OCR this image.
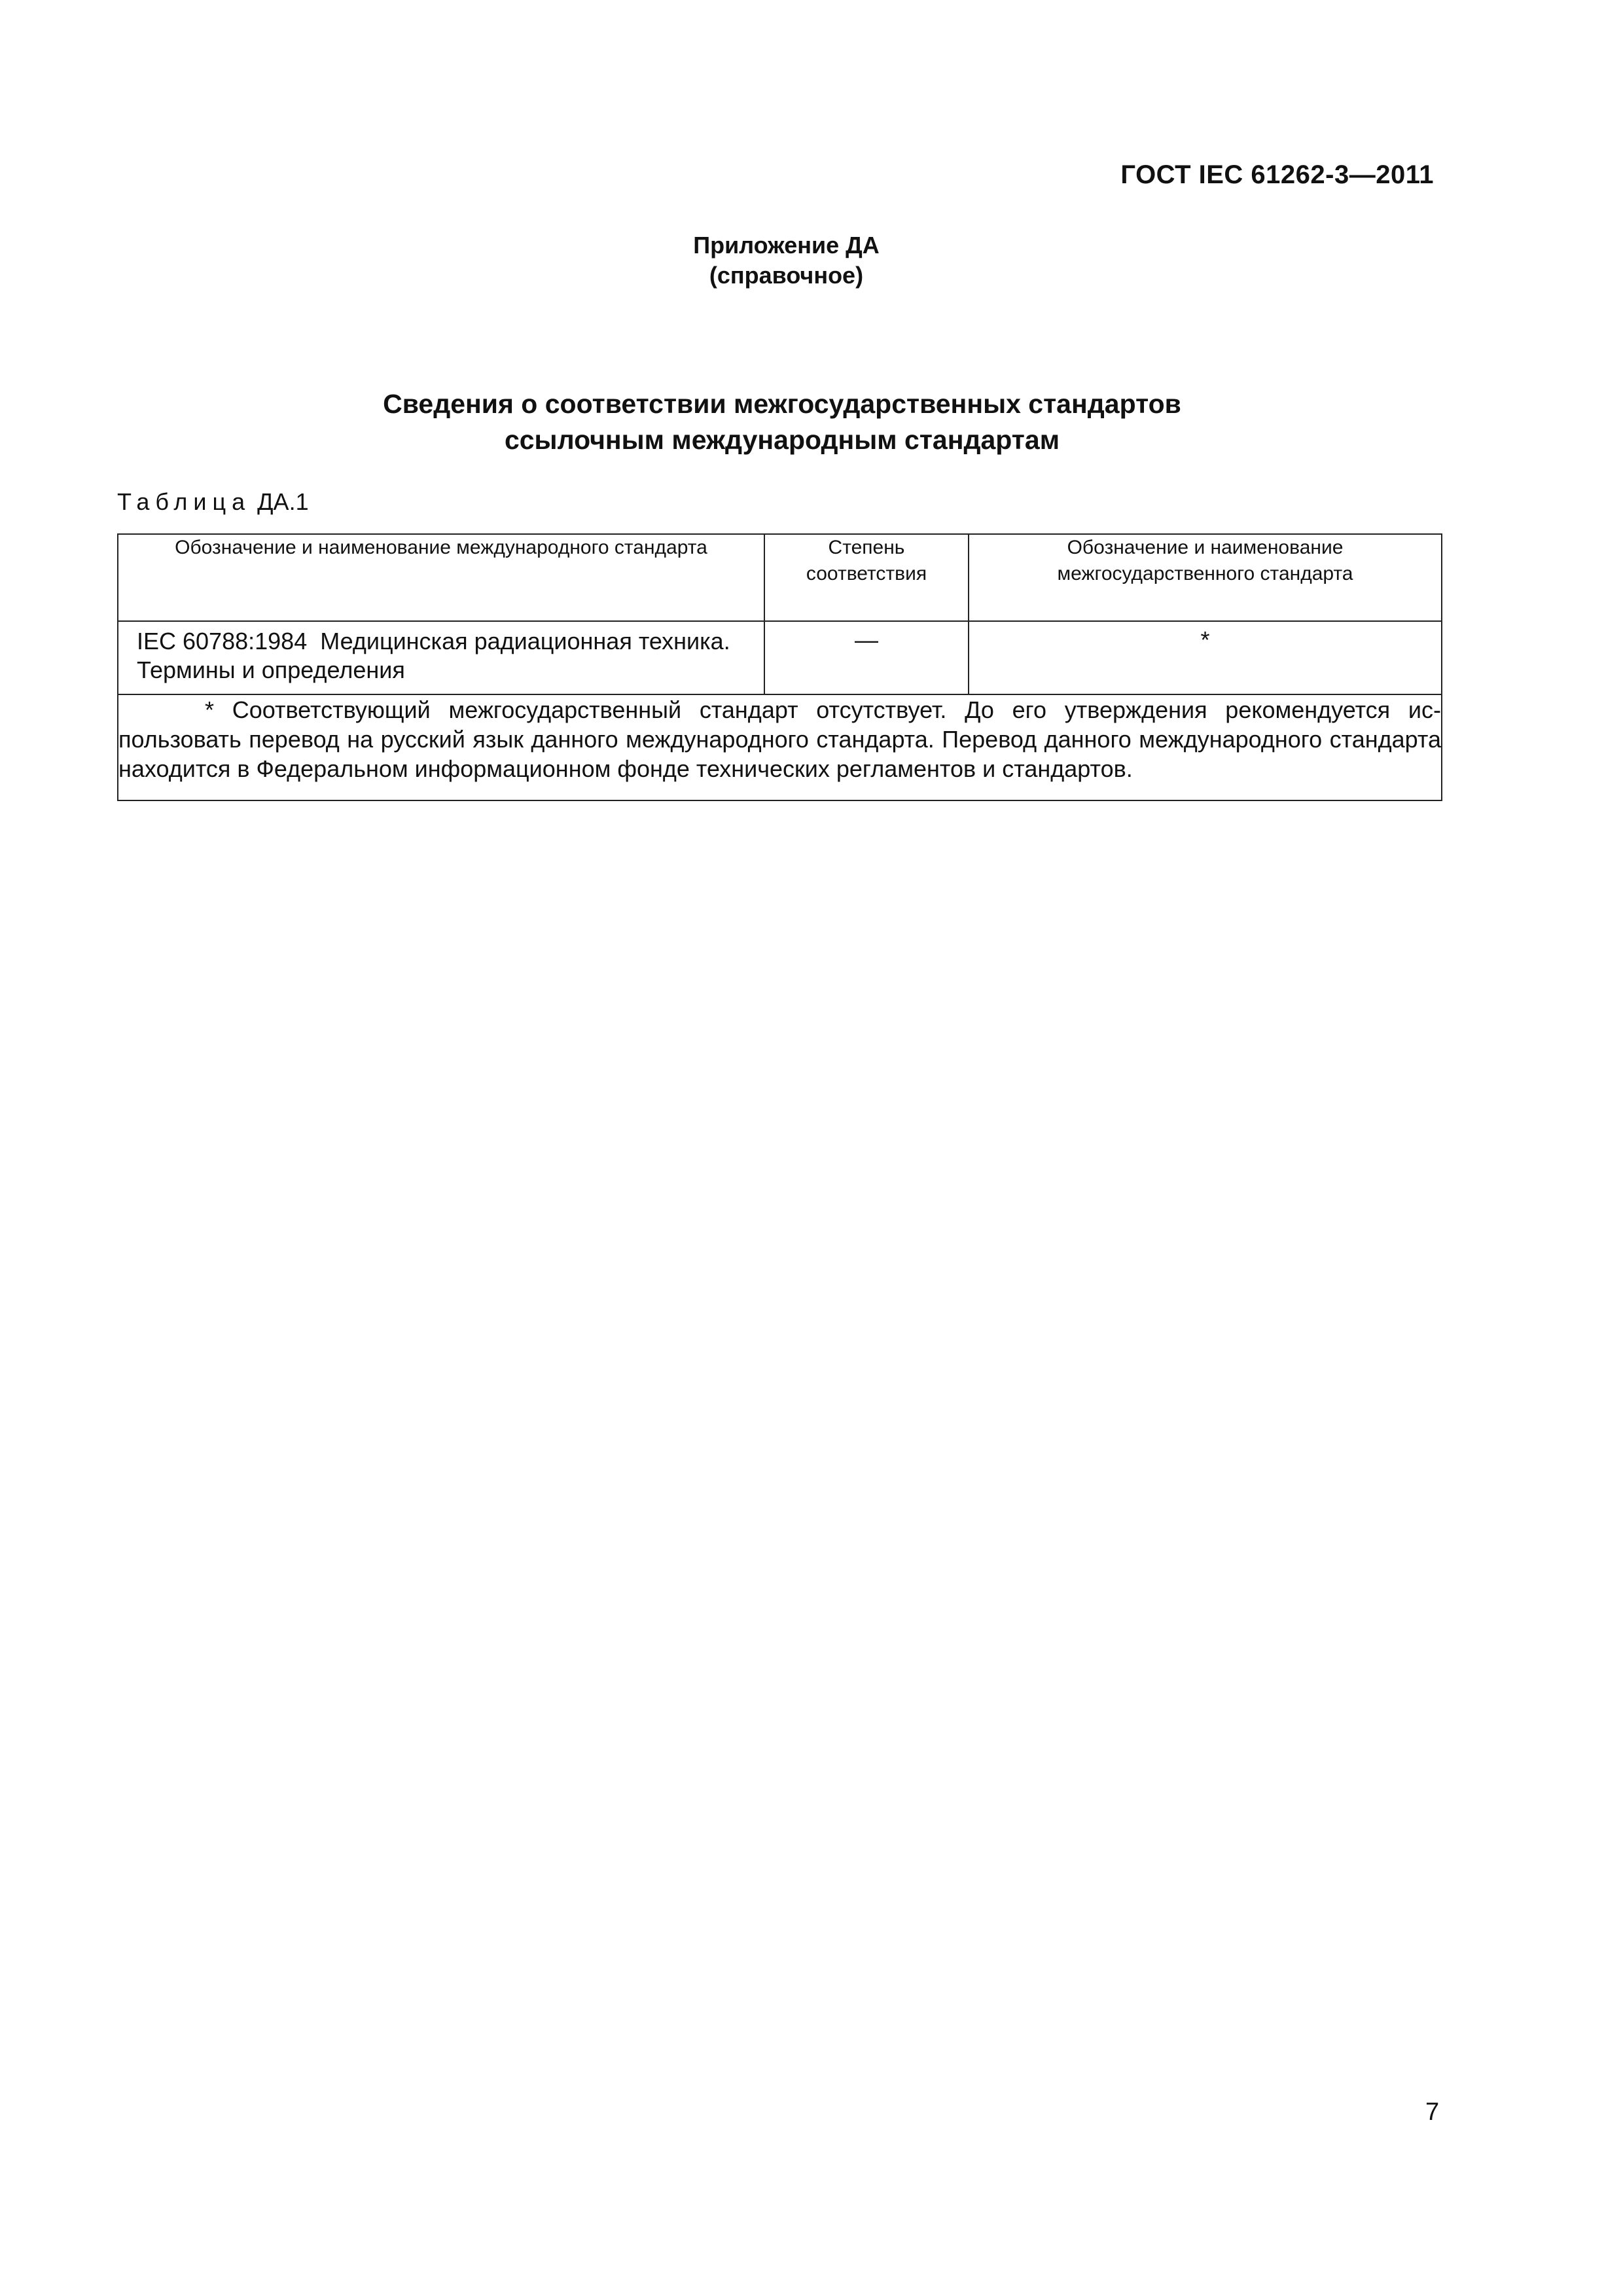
ГОСТ IEC 61262-3—2011
Приложение ДА
(справочное)
Сведения о соответствии межгосударственных стандартов
ссылочным международным стандартам
Таблица ДА.1
Обозначение и наименование международного стандарта	Степень соответствия	Обозначение и наименование межгосударственного стандарта

IEC 60788:1984  Медицинская радиационная техника.
Термины и определения	—	*

* Соответствующий межгосударственный стандарт отсутствует. До его утверждения рекомендуется ис-пользовать перевод на русский язык данного международного стандарта. Перевод данного международного стандарта находится в Федеральном информационном фонде технических регламентов и стандартов.		
7
